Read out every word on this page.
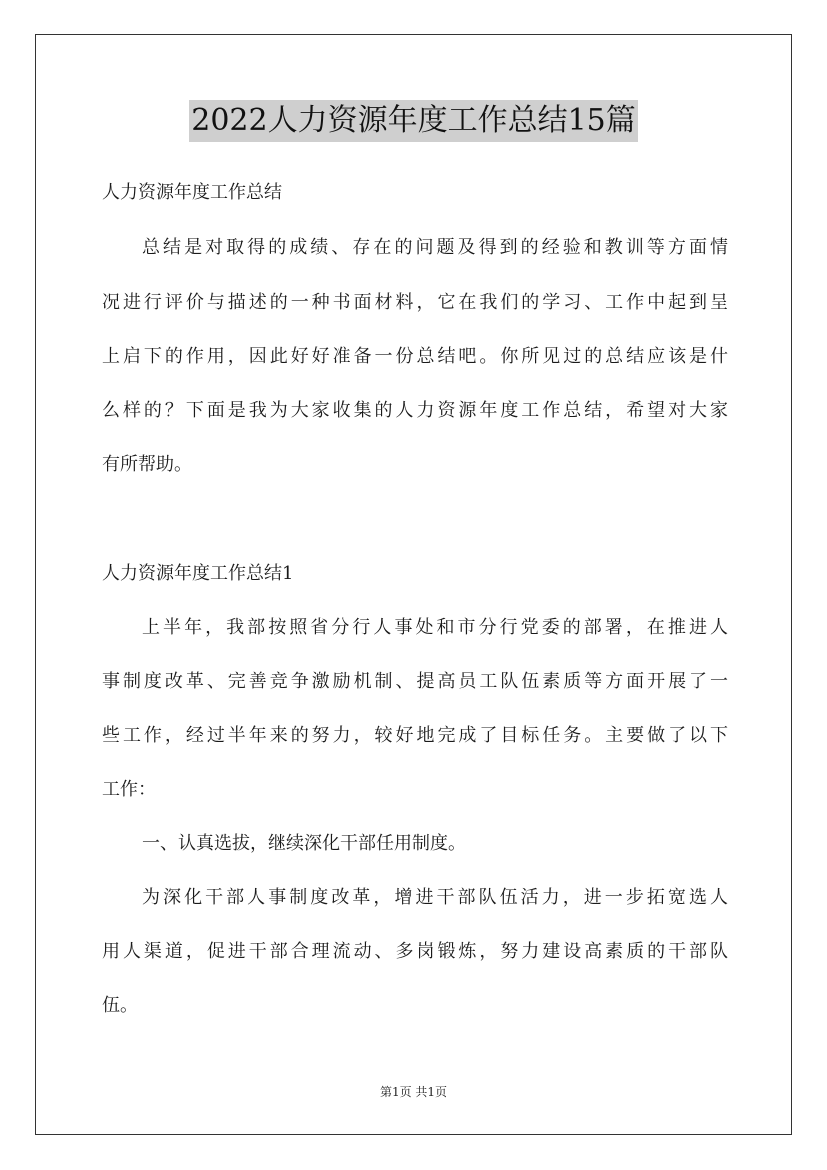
2022人力资源年度工作总结15篇
人力资源年度工作总结
总结是对取得的成绩、存在的问题及得到的经验和教训等方面情
况进行评价与描述的一种书面材料，它在我们的学习、工作中起到呈
上启下的作用，因此好好准备一份总结吧。你所见过的总结应该是什
么样的？下面是我为大家收集的人力资源年度工作总结，希望对大家
有所帮助。
人力资源年度工作总结1
上半年，我部按照省分行人事处和市分行党委的部署，在推进人
事制度改革、完善竞争激励机制、提高员工队伍素质等方面开展了一
些工作，经过半年来的努力，较好地完成了目标任务。主要做了以下
工作：
一、认真选拔，继续深化干部任用制度。
为深化干部人事制度改革，增进干部队伍活力，进一步拓宽选人
用人渠道，促进干部合理流动、多岗锻炼，努力建设高素质的干部队
伍。
第1页 共1页
